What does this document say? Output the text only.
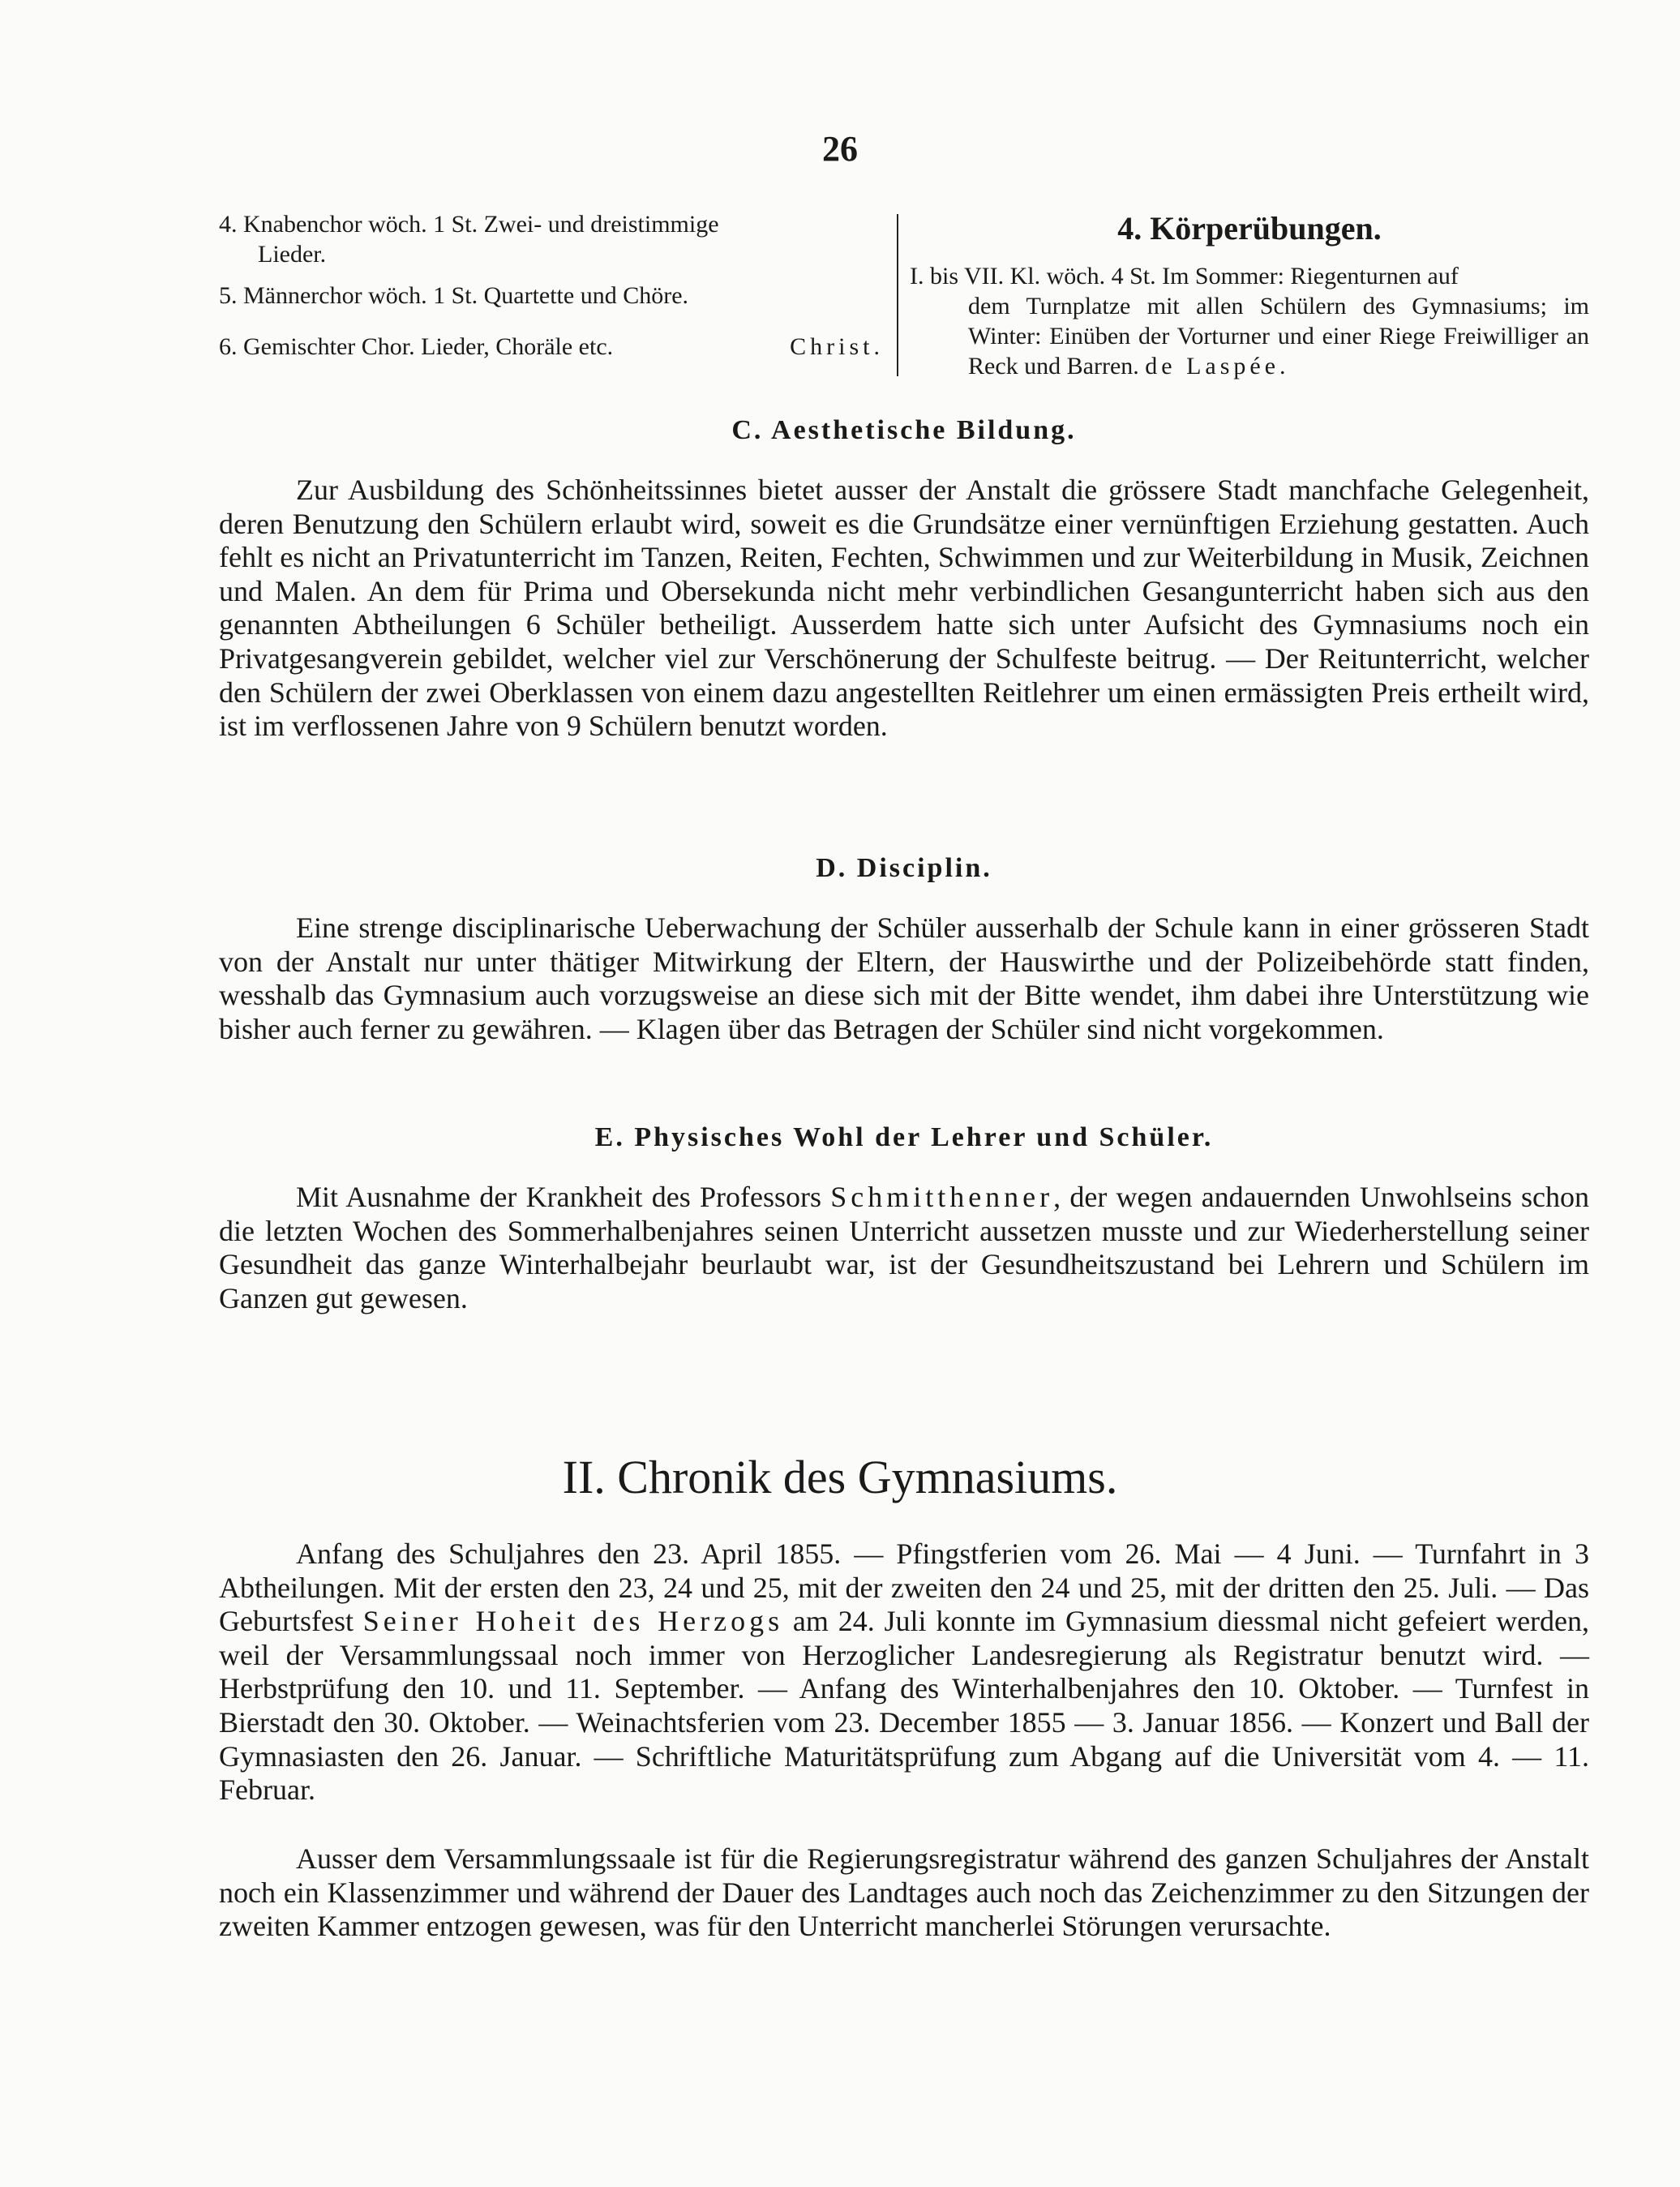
26
4. Knabenchor wöch. 1 St. Zwei- und dreistimmige
Lieder.
5. Männerchor wöch. 1 St. Quartette und Chöre.
6. Gemischter Chor. Lieder, Choräle etc.	Christ.
4. Körperübungen.
I. bis VII. Kl. wöch. 4 St. Im Sommer: Riegenturnen auf
dem Turnplatze mit allen Schülern des Gymnasiums; im Winter: Einüben der Vorturner und einer Riege Freiwilliger an Reck und Barren. de Laspée.
C. Aesthetische Bildung.
Zur Ausbildung des Schönheitssinnes bietet ausser der Anstalt die grössere Stadt manchfache Gelegenheit, deren Benutzung den Schülern erlaubt wird, soweit es die Grundsätze einer vernünftigen Erziehung gestatten. Auch fehlt es nicht an Privatunterricht im Tanzen, Reiten, Fechten, Schwimmen und zur Weiterbildung in Musik, Zeichnen und Malen. An dem für Prima und Obersekunda nicht mehr verbindlichen Gesangunterricht haben sich aus den genannten Abtheilungen 6 Schüler betheiligt. Ausserdem hatte sich unter Aufsicht des Gymnasiums noch ein Privatgesangverein gebildet, welcher viel zur Verschönerung der Schulfeste beitrug. — Der Reitunterricht, welcher den Schülern der zwei Oberklassen von einem dazu angestellten Reitlehrer um einen ermässigten Preis ertheilt wird, ist im verflossenen Jahre von 9 Schülern benutzt worden.
D. Disciplin.
Eine strenge disciplinarische Ueberwachung der Schüler ausserhalb der Schule kann in einer grösseren Stadt von der Anstalt nur unter thätiger Mitwirkung der Eltern, der Hauswirthe und der Polizeibehörde statt finden, wesshalb das Gymnasium auch vorzugsweise an diese sich mit der Bitte wendet, ihm dabei ihre Unterstützung wie bisher auch ferner zu gewähren. — Klagen über das Betragen der Schüler sind nicht vorgekommen.
E. Physisches Wohl der Lehrer und Schüler.
Mit Ausnahme der Krankheit des Professors Schmitthenner, der wegen andauernden Unwohlseins schon die letzten Wochen des Sommerhalbenjahres seinen Unterricht aussetzen musste und zur Wiederherstellung seiner Gesundheit das ganze Winterhalbejahr beurlaubt war, ist der Gesundheitszustand bei Lehrern und Schülern im Ganzen gut gewesen.
II. Chronik des Gymnasiums.
Anfang des Schuljahres den 23. April 1855. — Pfingstferien vom 26. Mai — 4 Juni. — Turnfahrt in 3 Abtheilungen. Mit der ersten den 23, 24 und 25, mit der zweiten den 24 und 25, mit der dritten den 25. Juli. — Das Geburtsfest Seiner Hoheit des Herzogs am 24. Juli konnte im Gymnasium diessmal nicht gefeiert werden, weil der Versammlungssaal noch immer von Herzoglicher Landesregierung als Registratur benutzt wird. — Herbstprüfung den 10. und 11. September. — Anfang des Winterhalbenjahres den 10. Oktober. — Turnfest in Bierstadt den 30. Oktober. — Weinachtsferien vom 23. December 1855 — 3. Januar 1856. — Konzert und Ball der Gymnasiasten den 26. Januar. — Schriftliche Maturitätsprüfung zum Abgang auf die Universität vom 4. — 11. Februar.
Ausser dem Versammlungssaale ist für die Regierungsregistratur während des ganzen Schuljahres der Anstalt noch ein Klassenzimmer und während der Dauer des Landtages auch noch das Zeichenzimmer zu den Sitzungen der zweiten Kammer entzogen gewesen, was für den Unterricht mancherlei Störungen verursachte.
